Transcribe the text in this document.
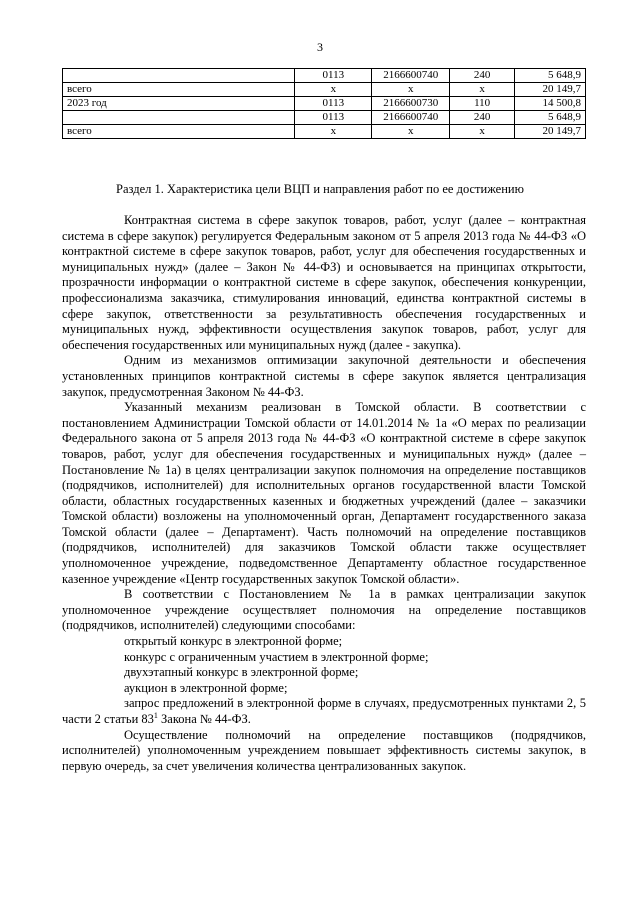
3
	0113	2166600740	240	5 648,9
всего	х	х	х	20 149,7
2023 год	0113	2166600730	110	14 500,8
	0113	2166600740	240	5 648,9
всего	х	х	х	20 149,7
Раздел 1. Характеристика цели ВЦП и направления работ по ее достижению

Контрактная система в сфере закупок товаров, работ, услуг (далее – контрактная система в сфере закупок) регулируется Федеральным законом от 5 апреля 2013 года № 44-ФЗ «О контрактной системе в сфере закупок товаров, работ, услуг для обеспечения государственных и муниципальных нужд» (далее – Закон № 44-ФЗ) и основывается на принципах открытости, прозрачности информации о контрактной системе в сфере закупок, обеспечения конкуренции, профессионализма заказчика, стимулирования инноваций, единства контрактной системы в сфере закупок, ответственности за результативность обеспечения государственных и муниципальных нужд, эффективности осуществления закупок товаров, работ, услуг для обеспечения государственных или муниципальных нужд (далее - закупка).

Одним из механизмов оптимизации закупочной деятельности и обеспечения установленных принципов контрактной системы в сфере закупок является централизация закупок, предусмотренная Законом № 44-ФЗ.

Указанный механизм реализован в Томской области. В соответствии с постановлением Администрации Томской области от 14.01.2014 № 1а «О мерах по реализации Федерального закона от 5 апреля 2013 года № 44-ФЗ «О контрактной системе в сфере закупок товаров, работ, услуг для обеспечения государственных и муниципальных нужд» (далее – Постановление № 1а) в целях централизации закупок полномочия на определение поставщиков (подрядчиков, исполнителей) для исполнительных органов государственной власти Томской области, областных государственных казенных и бюджетных учреждений (далее – заказчики Томской области) возложены на уполномоченный орган, Департамент государственного заказа Томской области (далее – Департамент). Часть полномочий на определение поставщиков (подрядчиков, исполнителей) для заказчиков Томской области также осуществляет уполномоченное учреждение, подведомственное Департаменту областное государственное казенное учреждение «Центр государственных закупок Томской области».

В соответствии с Постановлением № 1а в рамках централизации закупок уполномоченное учреждение осуществляет полномочия на определение поставщиков (подрядчиков, исполнителей) следующими способами:

открытый конкурс в электронной форме;

конкурс с ограниченным участием в электронной форме;

двухэтапный конкурс в электронной форме;

аукцион в электронной форме;

запрос предложений в электронной форме в случаях, предусмотренных пунктами 2, 5 части 2 статьи $83^1$ Закона № 44-ФЗ.

Осуществление полномочий на определение поставщиков (подрядчиков, исполнителей) уполномоченным учреждением повышает эффективность системы закупок, в первую очередь, за счет увеличения количества централизованных закупок.
